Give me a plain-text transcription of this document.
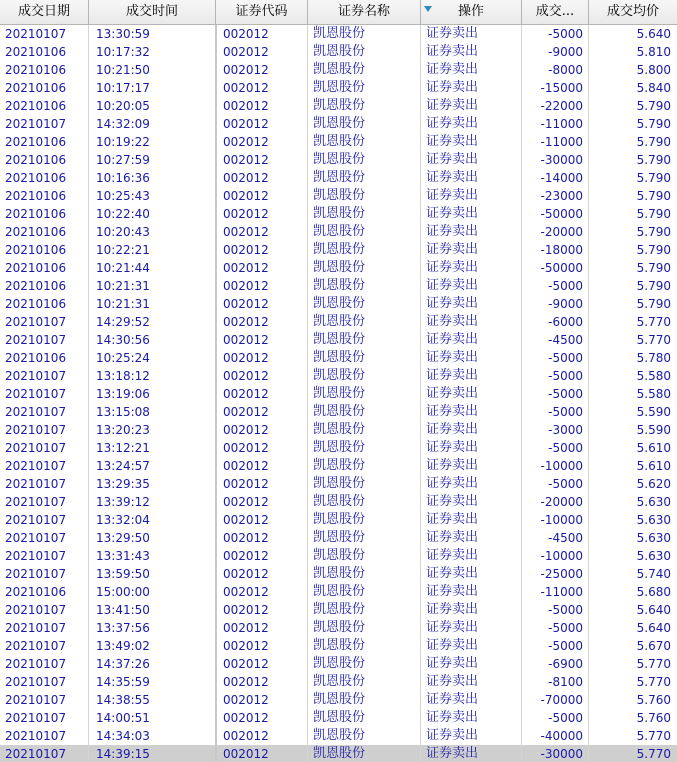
成交日期	成交时间	证券代码	证券名称	操作	成交...	成交均价
20210107	13:30:59	002012	凯恩股份	证券卖出	-5000	5.640
20210106	10:17:32	002012	凯恩股份	证券卖出	-9000	5.810
20210106	10:21:50	002012	凯恩股份	证券卖出	-8000	5.800
20210106	10:17:17	002012	凯恩股份	证券卖出	-15000	5.840
20210106	10:20:05	002012	凯恩股份	证券卖出	-22000	5.790
20210107	14:32:09	002012	凯恩股份	证券卖出	-11000	5.790
20210106	10:19:22	002012	凯恩股份	证券卖出	-11000	5.790
20210106	10:27:59	002012	凯恩股份	证券卖出	-30000	5.790
20210106	10:16:36	002012	凯恩股份	证券卖出	-14000	5.790
20210106	10:25:43	002012	凯恩股份	证券卖出	-23000	5.790
20210106	10:22:40	002012	凯恩股份	证券卖出	-50000	5.790
20210106	10:20:43	002012	凯恩股份	证券卖出	-20000	5.790
20210106	10:22:21	002012	凯恩股份	证券卖出	-18000	5.790
20210106	10:21:44	002012	凯恩股份	证券卖出	-50000	5.790
20210106	10:21:31	002012	凯恩股份	证券卖出	-5000	5.790
20210106	10:21:31	002012	凯恩股份	证券卖出	-9000	5.790
20210107	14:29:52	002012	凯恩股份	证券卖出	-6000	5.770
20210107	14:30:56	002012	凯恩股份	证券卖出	-4500	5.770
20210106	10:25:24	002012	凯恩股份	证券卖出	-5000	5.780
20210107	13:18:12	002012	凯恩股份	证券卖出	-5000	5.580
20210107	13:19:06	002012	凯恩股份	证券卖出	-5000	5.580
20210107	13:15:08	002012	凯恩股份	证券卖出	-5000	5.590
20210107	13:20:23	002012	凯恩股份	证券卖出	-3000	5.590
20210107	13:12:21	002012	凯恩股份	证券卖出	-5000	5.610
20210107	13:24:57	002012	凯恩股份	证券卖出	-10000	5.610
20210107	13:29:35	002012	凯恩股份	证券卖出	-5000	5.620
20210107	13:39:12	002012	凯恩股份	证券卖出	-20000	5.630
20210107	13:32:04	002012	凯恩股份	证券卖出	-10000	5.630
20210107	13:29:50	002012	凯恩股份	证券卖出	-4500	5.630
20210107	13:31:43	002012	凯恩股份	证券卖出	-10000	5.630
20210107	13:59:50	002012	凯恩股份	证券卖出	-25000	5.740
20210106	15:00:00	002012	凯恩股份	证券卖出	-11000	5.680
20210107	13:41:50	002012	凯恩股份	证券卖出	-5000	5.640
20210107	13:37:56	002012	凯恩股份	证券卖出	-5000	5.640
20210107	13:49:02	002012	凯恩股份	证券卖出	-5000	5.670
20210107	14:37:26	002012	凯恩股份	证券卖出	-6900	5.770
20210107	14:35:59	002012	凯恩股份	证券卖出	-8100	5.770
20210107	14:38:55	002012	凯恩股份	证券卖出	-70000	5.760
20210107	14:00:51	002012	凯恩股份	证券卖出	-5000	5.760
20210107	14:34:03	002012	凯恩股份	证券卖出	-40000	5.770
20210107	14:39:15	002012	凯恩股份	证券卖出	-30000	5.770
